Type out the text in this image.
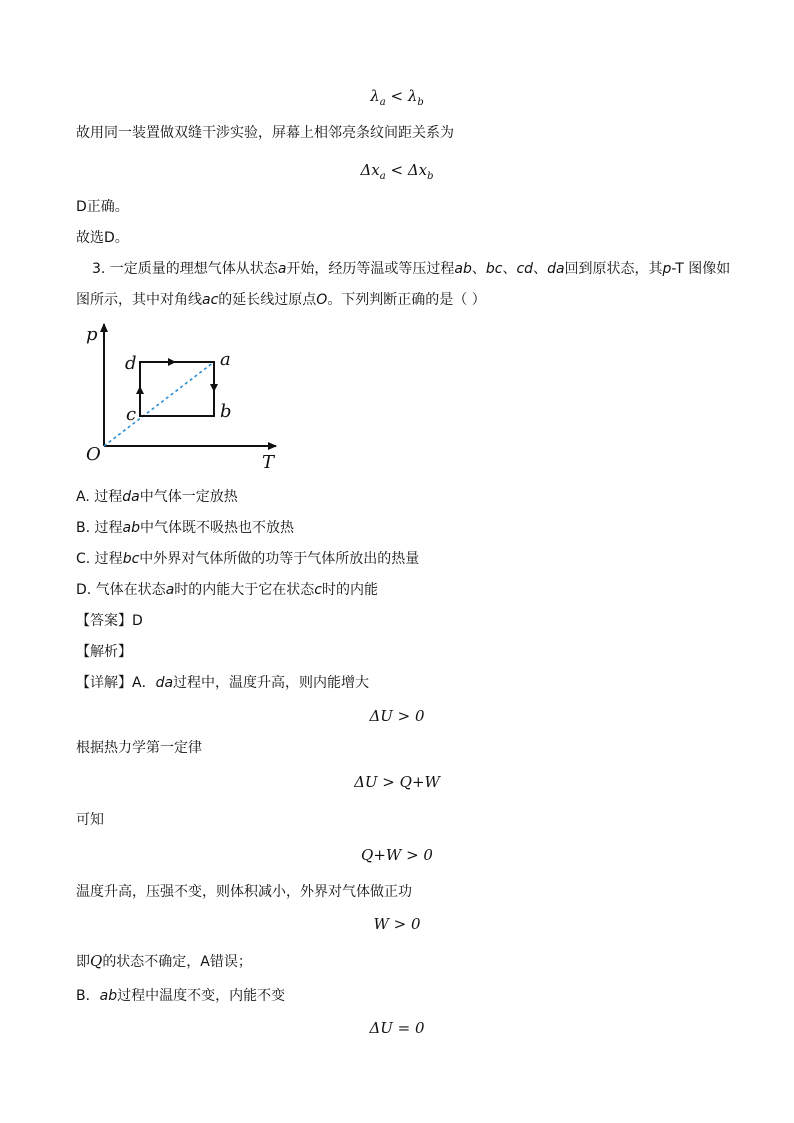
$\lambda_a < \lambda_b$
故用同一装置做双缝干涉实验，屏幕上相邻亮条纹间距关系为
$\Delta x_a < \Delta x_b$
D正确。
故选D。
3. 一定质量的理想气体从状态a开始，经历等温或等压过程ab、bc、cd、da回到原状态，其p-T 图像如
图所示，其中对角线ac的延长线过原点O。下列判断正确的是（ ）
p
T
O
d	a
b
c
A. 过程da中气体一定放热
B. 过程ab中气体既不吸热也不放热
C. 过程bc中外界对气体所做的功等于气体所放出的热量
D. 气体在状态a时的内能大于它在状态c时的内能
【答案】D
【解析】
【详解】A．da过程中，温度升高，则内能增大
ΔU > 0
根据热力学第一定律
ΔU > Q+W
可知
Q+W > 0
温度升高，压强不变，则体积减小，外界对气体做正功
W > 0
即Q的状态不确定，A错误；
B．ab过程中温度不变，内能不变
ΔU = 0
